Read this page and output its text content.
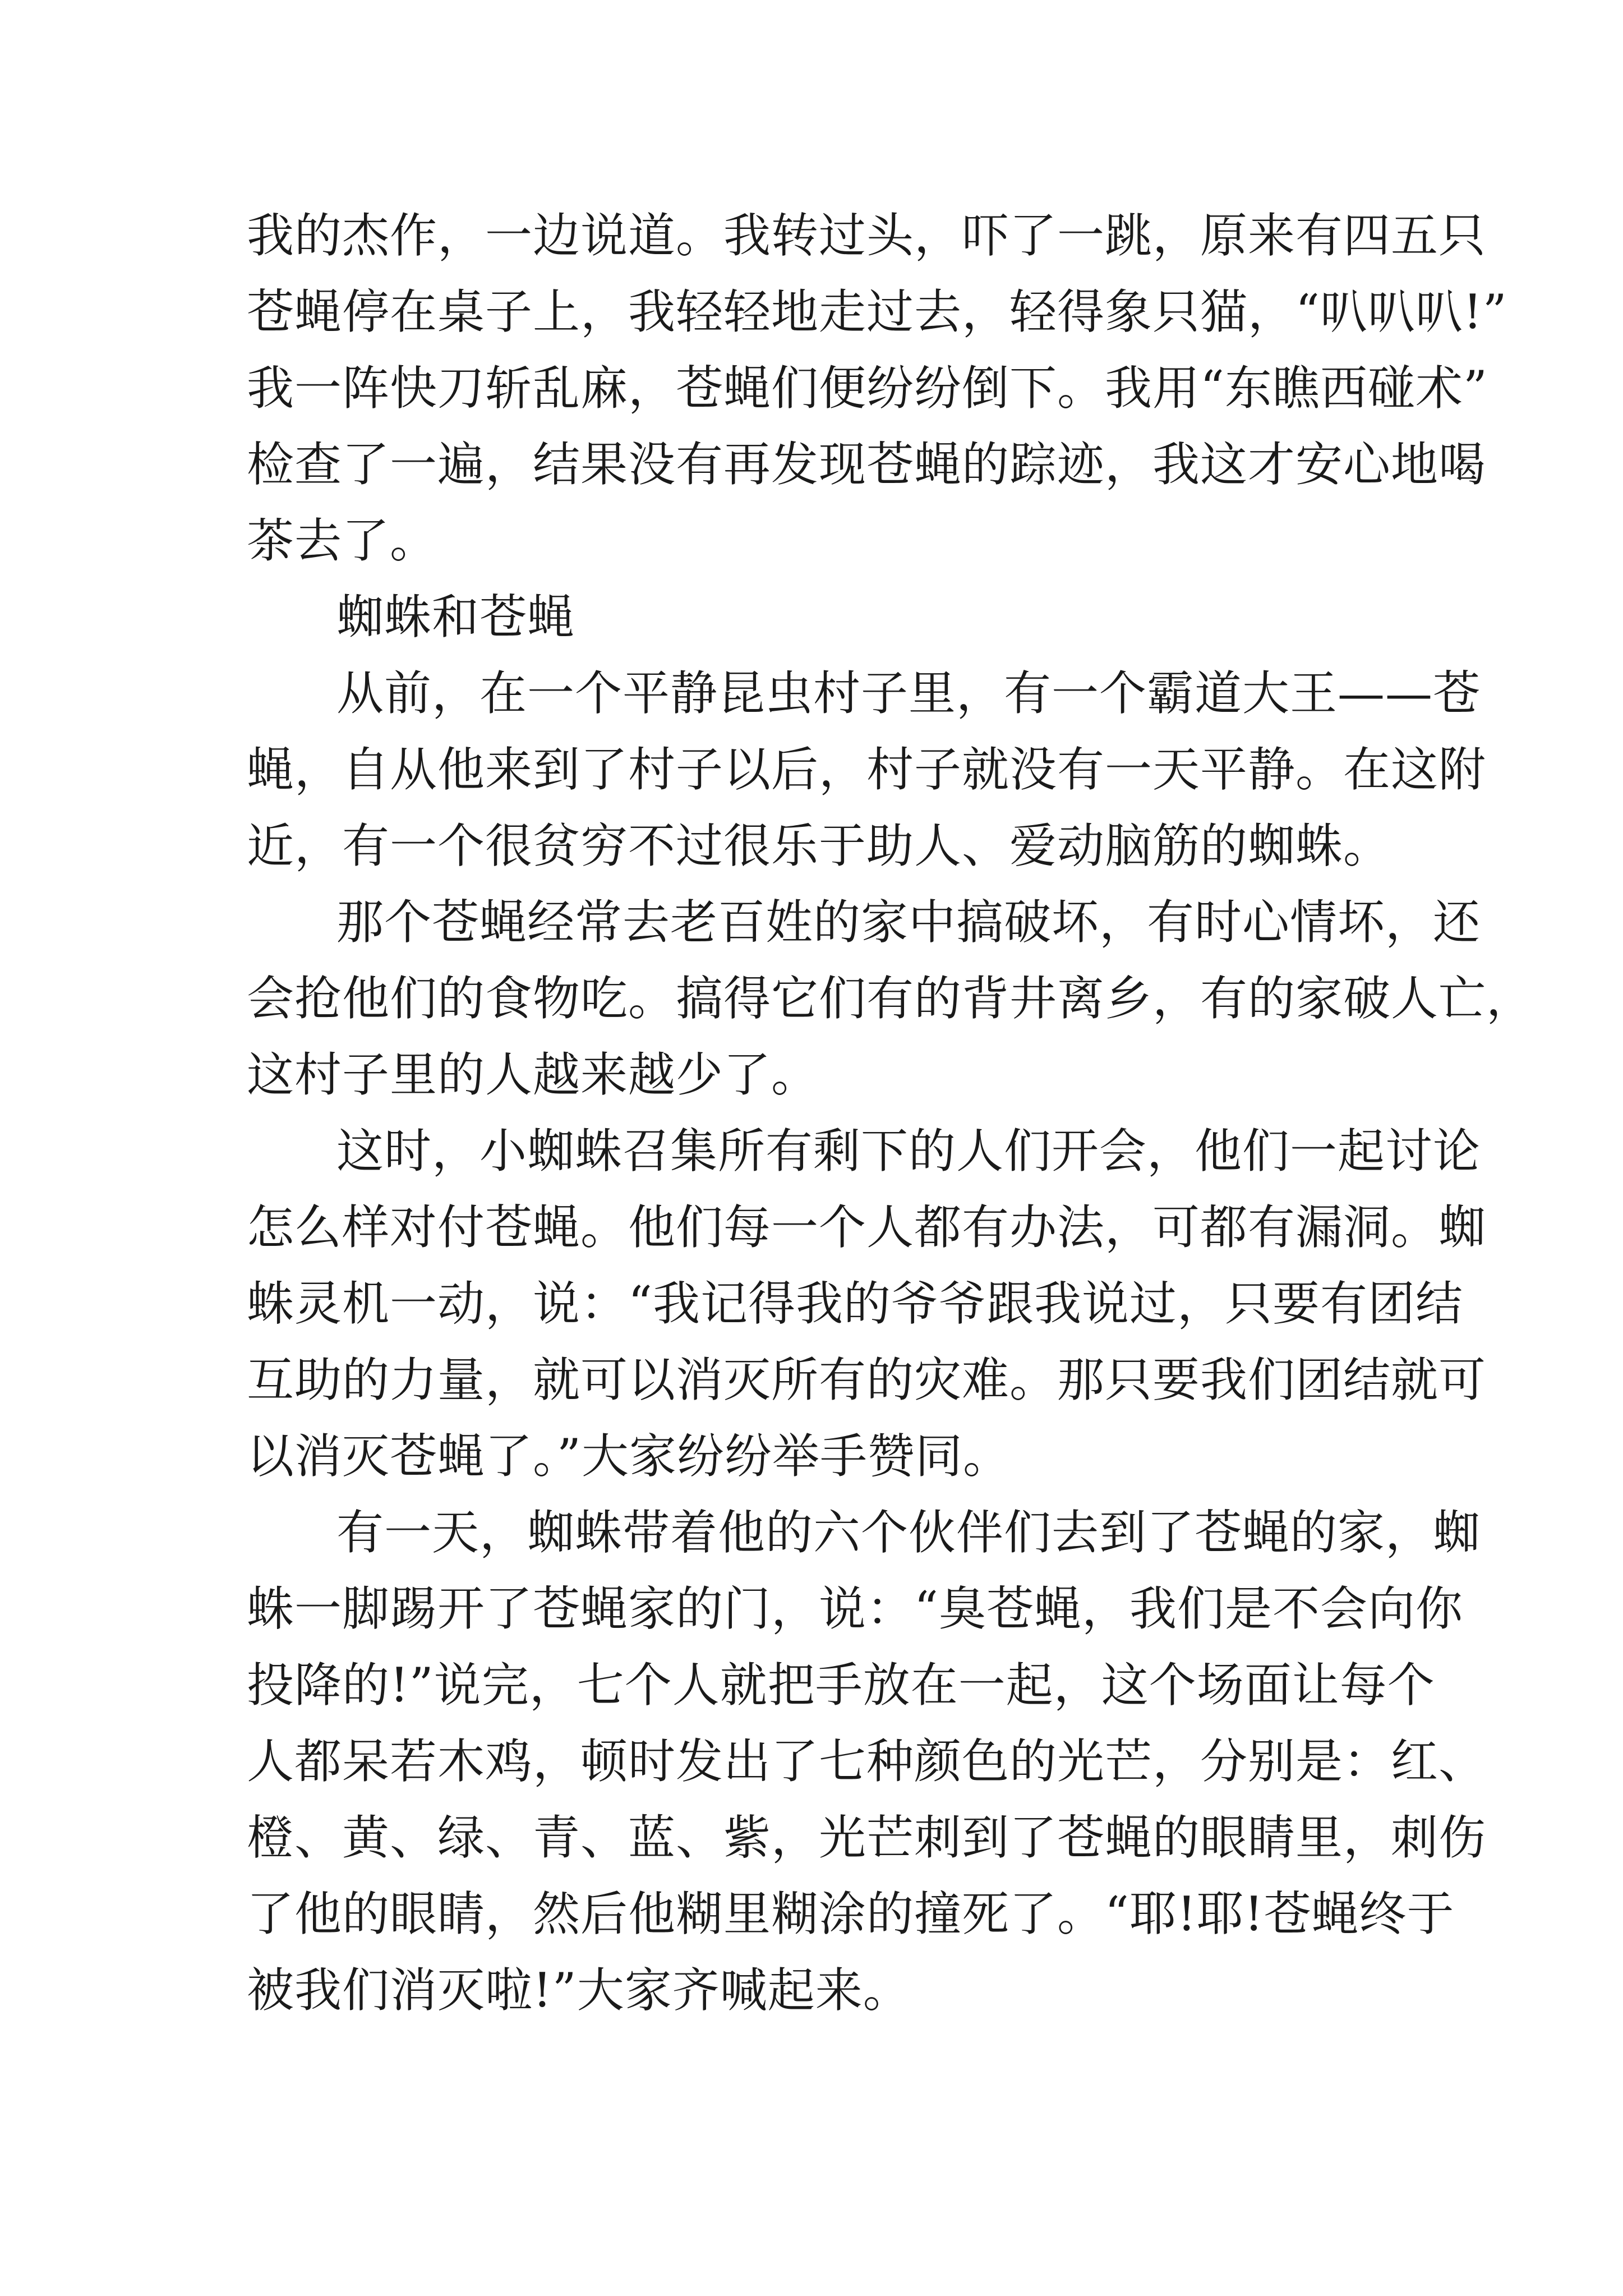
我的杰作，一边说道。我转过头，吓了一跳，原来有四五只
苍蝇停在桌子上，我轻轻地走过去，轻得象只猫，“叭叭叭!”
我一阵快刀斩乱麻，苍蝇们便纷纷倒下。我用“东瞧西碰术”
检查了一遍，结果没有再发现苍蝇的踪迹，我这才安心地喝
茶去了。
蜘蛛和苍蝇
从前，在一个平静昆虫村子里，有一个霸道大王——苍
蝇，自从他来到了村子以后，村子就没有一天平静。在这附
近，有一个很贫穷不过很乐于助人、爱动脑筋的蜘蛛。
那个苍蝇经常去老百姓的家中搞破坏，有时心情坏，还
会抢他们的食物吃。搞得它们有的背井离乡，有的家破人亡，
这村子里的人越来越少了。
这时，小蜘蛛召集所有剩下的人们开会，他们一起讨论
怎么样对付苍蝇。他们每一个人都有办法，可都有漏洞。蜘
蛛灵机一动，说：“我记得我的爷爷跟我说过，只要有团结
互助的力量，就可以消灭所有的灾难。那只要我们团结就可
以消灭苍蝇了。”大家纷纷举手赞同。
有一天，蜘蛛带着他的六个伙伴们去到了苍蝇的家，蜘
蛛一脚踢开了苍蝇家的门，说：“臭苍蝇，我们是不会向你
投降的!”说完，七个人就把手放在一起，这个场面让每个
人都呆若木鸡，顿时发出了七种颜色的光芒，分别是：红、
橙、黄、绿、青、蓝、紫，光芒刺到了苍蝇的眼睛里，刺伤
了他的眼睛，然后他糊里糊涂的撞死了。“耶!耶!苍蝇终于
被我们消灭啦!”大家齐喊起来。
